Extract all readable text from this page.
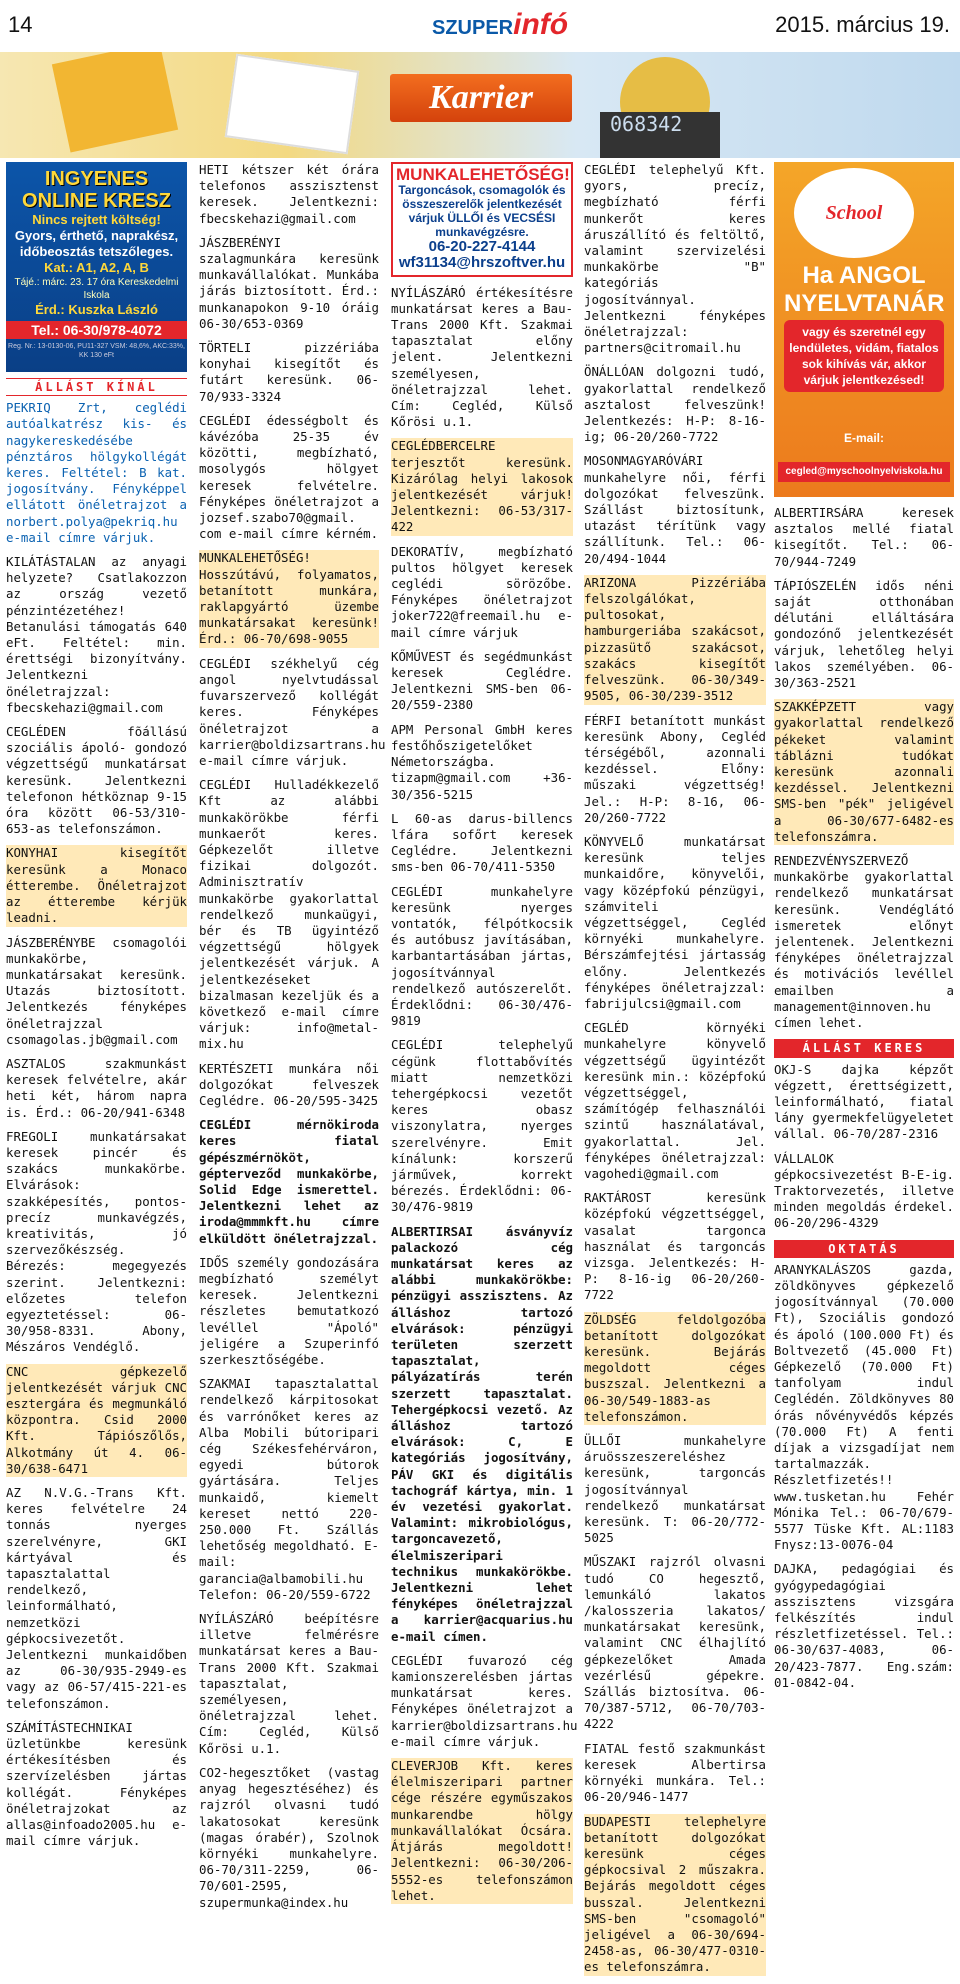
14	SZUPERinfó	2015. március 19.
068342
Karrier
INGYENES ONLINE KRESZ
Nincs rejtett költség!
Gyors, érthető, naprakész, időbeosztás tetszőleges.
Kat.: A1, A2, A, B
Tájé.: márc. 23. 17 óra Kereskedelmi Iskola
Érd.: Kuszka László
Tel.: 06-30/978-4072
Reg. Nr.: 13-0130-06, PU11-327 VSM: 48,6%, AKC:33%, KK 130 eFt
ÁLLÁST KÍNÁL

PEKRIQ Zrt, ceglédi autóalkatrész kis- és nagykereskedésébe pénztáros hölgykollégát keres. Feltétel: B kat. jogosítvány. Fényképpel ellátott önéletrajzot a norbert.polya@pekriq.hu e-mail címre várjuk.

KILÁTÁSTALAN az anyagi helyzete? Csatlakozzon az ország vezető pénzintézetéhez! Betanulási támogatás 640 eFt. Feltétel: min. érettségi bizonyítvány. Jelentkezni önéletrajzzal: fbecskehazi@gmail.com

CEGLÉDEN fõállású szociális ápoló- gondozó végzettségű munkatársat keresünk. Jelentkezni telefonon hétköznap 9-15 óra között 06-53/310-653-as telefonszámon.

KONYHAI kisegítőt keresünk a Monaco étterembe. Önéletrajzot az étterembe kérjük leadni.

JÁSZBERÉNYBE csomagolói munkakörbe, munkatársakat keresünk. Utazás biztosított. Jelentkezés fényképes önéletrajzzal csomagolas.jb@gmail.com

ASZTALOS szakmunkást keresek felvételre, akár heti két, három napra is. Érd.: 06-20/941-6348

FREGOLI munkatársakat keresek pincér és szakács munkakörbe. Elvárások: szakképesítés, pontos- precíz munkavégzés, kreativitás, jó szervezőkészség. Bérezés: megegyezés szerint. Jelentkezni: előzetes telefon egyeztetéssel: 06-30/958-8331. Abony, Mészáros Vendéglő.

CNC gépkezelő jelentkezését várjuk CNC esztergára és megmunkáló központra. Csid 2000 Kft. Tápiószőlős, Alkotmány út 4. 06-30/638-6471

AZ N.V.G.-Trans Kft. keres felvételre 24 tonnás nyerges szerelvényre, GKI kártyával és tapasztalattal rendelkező, leinformálható, nemzetközi gépkocsivezetőt. Jelentkezni munkaidőben az 06-30/935-2949-es vagy az 06-57/415-221-es telefonszámon.

SZÁMÍTÁSTECHNIKAI üzletünkbe keresünk értékesítésben és szervízelésben jártas kollégát. Fényképes önéletrajzokat az allas@infoado2005.hu e-mail címre várjuk.

HETI kétszer két órára telefonos asszisztenst keresek. Jelentkezni: fbecskehazi@gmail.com

JÁSZBERÉNYI szalagmunkára keresünk munkavállalókat. Munkába járás biztosított. Érd.: munkanapokon 9-10 óráig 06-30/653-0369

TÖRTELI pizzériába konyhai kisegítőt és futárt keresünk. 06-70/933-3324

CEGLÉDI édességbolt és kávézóba 25-35 év közötti, megbízható, mosolygós hölgyet keresek felvételre. Fényképes önéletrajzot a jozsef.szabo70@gmail. com e-mail címre kérném.

MUNKALEHETŐSÉG! Hosszútávú, folyamatos, betanított munkára, raklapgyártó üzembe munkatársakat keresünk! Érd.: 06-70/698-9055

CEGLÉDI székhelyű cég angol nyelvtudással fuvarszervező kollégát keres. Fényképes önéletrajzot a karrier@boldizsartrans.hu e-mail címre várjuk.

CEGLÉDI Hulladékkezelő Kft az alábbi munkakörökbe férfi munkaerőt keres. Gépkezelőt illetve fizikai dolgozót. Adminisztratív munkakörbe gyakorlattal rendelkező munkaügyi, bér és TB ügyintéző végzettségű hölgyek jelentkezését várjuk. A jelentkezéseket bizalmasan kezeljük és a következő e-mail címre várjuk: info@metal-mix.hu

KERTÉSZETI munkára női dolgozókat felveszek Ceglédre. 06-20/595-3425

CEGLÉDI mérnökiroda keres fiatal gépészmérnököt, gépterveződ munkakörbe, Solid Edge ismerettel. Jelentkezni lehet az iroda@mmmkft.hu címre elküldött önéletrajzzal.

IDŐS személy gondozására megbízható személyt keresek. Jelentkezni részletes bemutatkozó levéllel "Ápoló" jeligére a Szuperinfó szerkesztőségébe.

SZAKMAI tapasztalattal rendelkező kárpitosokat és varrónőket keres az Alba Mobili bútoripari cég Székesfehérváron, egyedi bútorok gyártására. Teljes munkaidő, kiemelt kereset nettó 220-250.000 Ft. Szállás lehetőség megoldható. E-mail: garancia@albamobili.hu Telefon: 06-20/559-6722

NYÍLÁSZÁRÓ beépítésre illetve felmérésre munkatársat keres a Bau-Trans 2000 Kft. Szakmai tapasztalat, személyesen, önéletrajzzal lehet. Cím: Cegléd, Külső Kőrösi u.1.

CO2-hegesztőket (vastag anyag hegesztéséhez) és rajzról olvasni tudó lakatosokat keresünk (magas órabér), Szolnok környéki munkahelyre. 06-70/311-2259, 06-70/601-2595, szupermunka@index.hu

MUNKALEHETŐSÉG!
Targoncások, csomagolók és összeszerelők jelentkezését várjuk ÜLLŐI és VECSÉSI munkavégzésre.
06-20-227-4144
wf31134@hrszoftver.hu

NYÍLÁSZÁRÓ értékesítésre munkatársat keres a Bau-Trans 2000 Kft. Szakmai tapasztalat előny jelent. Jelentkezni személyesen, önéletrajzzal lehet. Cím: Cegléd, Külső Kőrösi u.1.

CEGLÉDBERCELRE terjesztőt keresünk. Kizárólag helyi lakosok jelentkezését várjuk! Jelentkezni: 06-53/317-422

DEKORATÍV, megbízható pultos hölgyet keresek ceglédi sörözőbe. Fényképes önéletrajzot joker722@freemail.hu e-mail címre várjuk

KŐMŰVEST és segédmunkást keresek Ceglédre. Jelentkezni SMS-ben 06-20/559-2380

APM Personal GmbH keres festőhőszigetelőket Németországba. tizapm@gmail.com +36-30/356-5215

L 60-as darus-billencs lfára sofőrt keresek Ceglédre. Jelentkezni sms-ben 06-70/411-5350

CEGLÉDI munkahelyre keresünk nyerges vontatók, félpótkocsik és autóbusz javításában, karbantartásában jártas, jogosítvánnyal rendelkező autószerelőt. Érdeklődni: 06-30/476-9819

CEGLÉDI telephelyű cégünk flottabővítés miatt nemzetközi tehergépkocsi vezetőt keres obasz viszonylatra, nyerges szerelvényre. Emit kínálunk: korszerű járművek, korrekt bérezés. Érdeklődni: 06-30/476-9819

ALBERTIRSAI ásványvíz palackozó cég munkatársat keres az alábbi munkakörökbe: pénzügyi asszisztens. Az álláshoz tartozó elvárások: pénzügyi területen szerzett tapasztalat, pályázatírás terén szerzett tapasztalat. Tehergépkocsi vezető. Az álláshoz tartozó elvárások: C, E kategóriás jogosítvány, PÁV GKI és digitális tachográf kártya, min. 1 év vezetési gyakorlat. Valamint: mikrobiológus, targoncavezető, élelmiszeripari technikus munkakörökbe. Jelentkezni lehet fényképes önéletrajzzal a karrier@acquarius.hu e-mail címen.

CEGLÉDI fuvarozó cég kamionszerelésben jártas munkatársat keres. Fényképes önéletrajzot a karrier@boldizsartrans.hu e-mail címre várjuk.

CLEVERJOB Kft. keres élelmiszeripari partner cége részére egyműszakos munkarendbe hölgy munkavállalókat Ócsára. Átjárás megoldott! Jelentkezni: 06-30/206-5552-es telefonszámon lehet.

CEGLÉDI telephelyű Kft. gyors, precíz, megbízható férfi munkerőt keres áruszállító és feltöltő, valamint szervizelési munkakörbe "B" kategóriás jogosítvánnyal. Jelentkezni fényképes önéletrajzzal: partners@citromail.hu

ÖNÁLLÓAN dolgozni tudó, gyakorlattal rendelkező asztalost felveszünk! Jelentkezés: H-P: 8-16-ig; 06-20/260-7722

MOSONMAGYARÓVÁRI munkahelyre női, férfi dolgozókat felveszünk. Szállást biztosítunk, utazást térítünk vagy szállítunk. Tel.: 06-20/494-1044

ARIZONA Pizzériába felszolgálókat, pultosokat, hamburgeriába szakácsot, pizzasütő szakácsot, szakács kisegítőt felveszünk. 06-30/349-9505, 06-30/239-3512

FÉRFI betanított munkást keresünk Abony, Cegléd térségéből, azonnali kezdéssel. Előny: műszaki végzettség! Jel.: H-P: 8-16, 06-20/260-7722

KÖNYVELŐ munkatársat keresünk teljes munkaidőre, könyvelői, vagy középfokú pénzügyi, számviteli végzettséggel, Cegléd környéki munkahelyre. Bérszámfejtési jártasság előny. Jelentkezés fényképes önéletrajzzal: fabrijulcsi@gmail.com

CEGLÉD környéki munkahelyre könyvelő végzettségű ügyintézőt keresünk min.: középfokú végzettséggel, számítógép felhasználói szintű használatával, gyakorlattal. Jel. fényképes önéletrajzzal: vagohedi@gmail.com

RAKTÁROST keresünk középfokú végzettséggel, vasalat targonca használat és targoncás vizsga. Jelentkezés: H-P: 8-16-ig 06-20/260-7722

ZÖLDSÉG feldolgozóba betanított dolgozókat keresünk. Bejárás megoldott céges buszszal. Jelentkezni a 06-30/549-1883-as telefonszámon.

ÜLLŐI munkahelyre áruösszeszereléshez keresünk, targoncás jogosítvánnyal rendelkező munkatársat keresünk. T: 06-20/772-5025

MŰSZAKI rajzról olvasni tudó CO hegesztő, lemunkáló lakatos /kalosszeria lakatos/ munkatársakat keresünk, valamint CNC élhajlító gépkezelőket Amada vezérlésű gépekre. Szállás biztosítva. 06-70/387-5712, 06-70/703-4222

FIATAL festő szakmunkást keresek Albertirsa környéki munkára. Tel.: 06-20/946-1477

BUDAPESTI telephelyre betanított dolgozókat keresünk céges gépkocsival 2 műszakra. Bejárás megoldott céges busszal. Jelentkezni SMS-ben "csomagoló" jeligével a 06-30/694-2458-as, 06-30/477-0310-es telefonszámra.

School
Ha ANGOL NYELVTANÁR
vagy és szeretnél egy lendületes, vidám, fiatalos sok kihívás vár, akkor várjuk jelentkezésed!
E-mail:
cegled@myschoolnyelviskola.hu

ALBERTIRSÁRA keresek asztalos mellé fiatal kisegítőt. Tel.: 06-70/944-7249

TÁPIÓSZELÉN idős néni saját otthonában délutáni elláltására gondozónő jelentkezését várjuk, lehetőleg helyi lakos személyében. 06-30/363-2521

SZAKKÉPZETT vagy gyakorlattal rendelkező pékeket valamint táblázni tudókat keresünk azonnali kezdéssel. Jelentkezni SMS-ben "pék" jeligével a 06-30/677-6482-es telefonszámra.

RENDEZVÉNYSZERVEZŐ munkakörbe gyakorlattal rendelkező munkatársat keresünk. Vendéglátó ismeretek előnyt jelentenek. Jelentkezni fényképes önéletrajzzal és motivációs levéllel emailben a management@innoven.hu címen lehet.

ÁLLÁST KERES

OKJ-S dajka képzőt végzett, érettségizett, leinformálható, fiatal lány gyermekfelügyeletet vállal. 06-70/287-2316

VÁLLALOK gépkocsivezetést B-E-ig. Traktorvezetés, illetve minden megoldás érdekel. 06-20/296-4329

OKTATÁS

ARANYKALÁSZOS gazda, zöldkönyves gépkezelő jogosítvánnyal (70.000 Ft), Szociális gondozó és ápoló (100.000 Ft) és Boltvezető (45.000 Ft) Gépkezelő (70.000 Ft) tanfolyam indul Ceglédén. Zöldkönyves 80 órás nővényvédős képzés (70.000 Ft) A fenti díjak a vizsgadíjat nem tartalmazzák. Részletfizetés!! www.tusketan.hu Fehér Mónika Tel.: 06-70/679-5577 Tüske Kft. AL:1183 Fnysz:13-0076-04

DAJKA, pedagógiai és gyógypedagógiai asszisztens vizsgára felkészítés indul részletfizetéssel. Tel.: 06-30/637-4083, 06-20/423-7877. Eng.szám: 01-0842-04.
